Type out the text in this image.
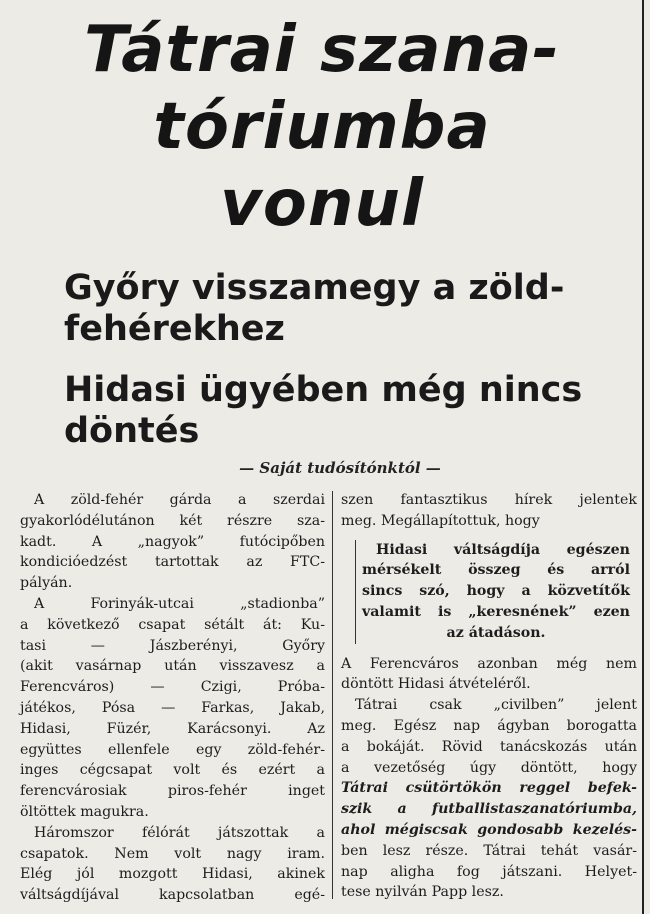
Tátrai szana-
tóriumba
vonul
Győry visszamegy a zöld-
fehérekhez
Hidasi ügyében még nincs
döntés
— Saját tudósítónktól —
A zöld-fehér gárda a szerdai
gyakorlódélutánon két részre sza-
kadt. A „nagyok” futócipőben
kondicióedzést tartottak az FTC-
pályán.
A Forinyák-utcai „stadionba”
a következő csapat sétált át: Ku-
tasi — Jászberényi, Győry
(akit vasárnap után visszavesz a
Ferencváros) — Czigi, Próba-
játékos, Pósa — Farkas, Jakab,
Hidasi, Füzér, Karácsonyi. Az
együttes ellenfele egy zöld-fehér-
inges cégcsapat volt és ezért a
ferencvárosiak piros-fehér inget
öltöttek magukra.
Háromszor félórát játszottak a
csapatok. Nem volt nagy iram.
Elég jól mozgott Hidasi, akinek
váltságdíjával kapcsolatban egé-
szen fantasztikus hírek jelentek
meg. Megállapítottuk, hogy
Hidasi váltságdíja egészen
mérsékelt összeg és arról
sincs szó, hogy a közvetítők
valamit is „keresnének” ezen
az átadáson.
A Ferencváros azonban még nem
döntött Hidasi átvételéről.
Tátrai csak „civilben” jelent
meg. Egész nap ágyban borogatta
a bokáját. Rövid tanácskozás után
a vezetőség úgy döntött, hogy
Tátrai csütörtökön reggel befek-
szik a futballistaszanatóriumba,
ahol mégiscsak gondosabb kezelés-
ben lesz része. Tátrai tehát vasár-
nap aligha fog játszani. Helyet-
tese nyilván Papp lesz.
